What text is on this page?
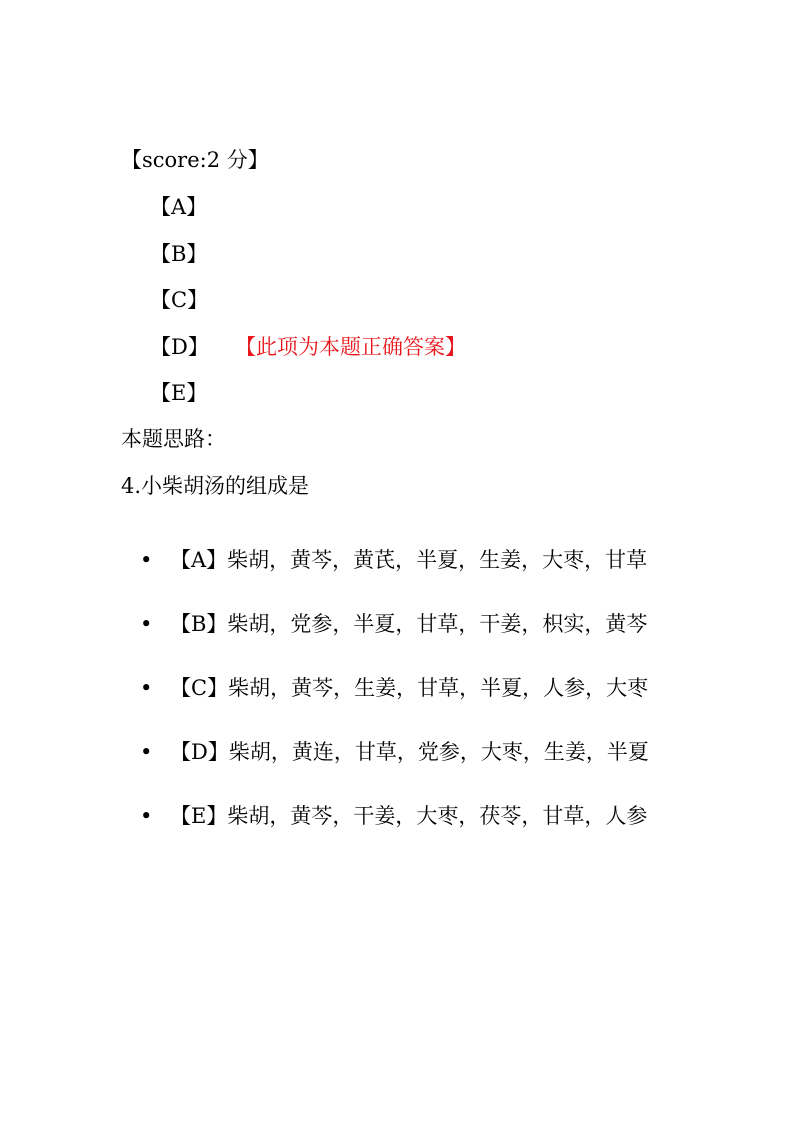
【score:2 分】
【A】
【B】
【C】
【D】 【此项为本题正确答案】
【E】
本题思路：
4.小柴胡汤的组成是
• 【A】柴胡，黄芩，黄芪，半夏，生姜，大枣，甘草
• 【B】柴胡，党参，半夏，甘草，干姜，枳实，黄芩
• 【C】柴胡，黄芩，生姜，甘草，半夏，人参，大枣
• 【D】柴胡，黄连，甘草，党参，大枣，生姜，半夏
• 【E】柴胡，黄芩，干姜，大枣，茯苓，甘草，人参
